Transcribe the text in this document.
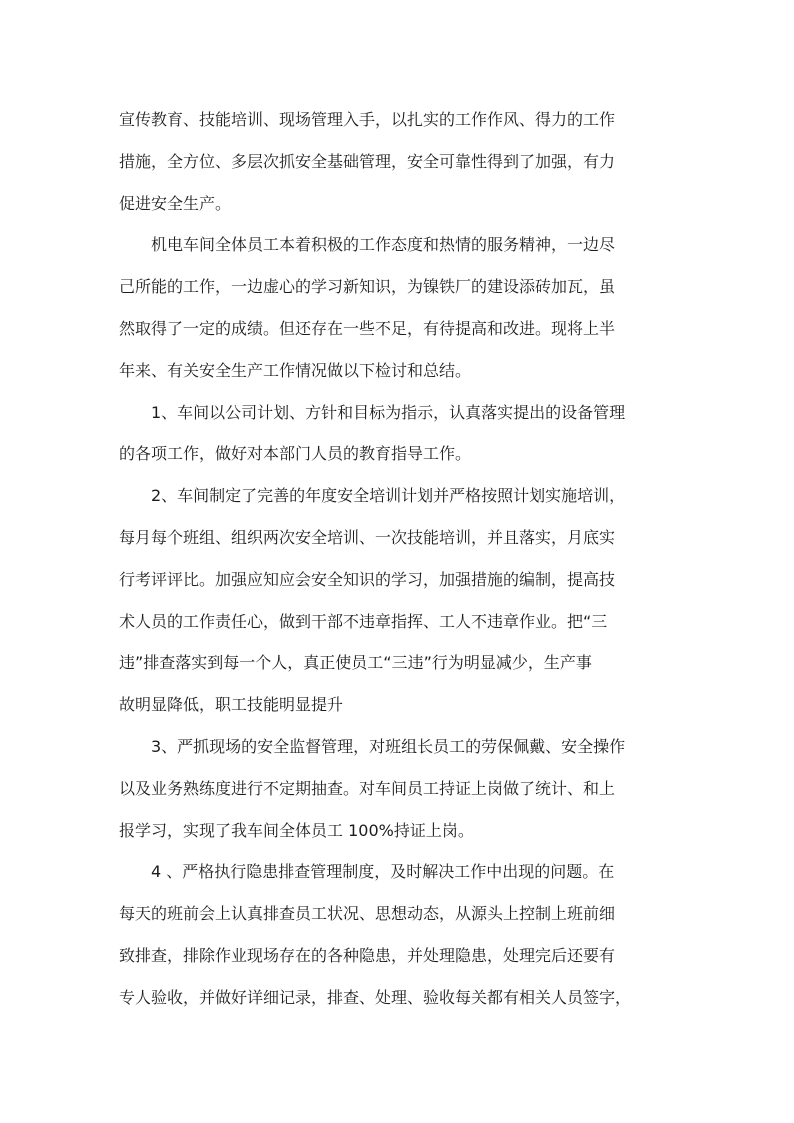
宣传教育、技能培训、现场管理入手，以扎实的工作作风、得力的工作
措施，全方位、多层次抓安全基础管理，安全可靠性得到了加强，有力
促进安全生产。
　　机电车间全体员工本着积极的工作态度和热情的服务精神，一边尽
己所能的工作，一边虚心的学习新知识，为镍铁厂的建设添砖加瓦，虽
然取得了一定的成绩。但还存在一些不足，有待提高和改进。现将上半
年来、有关安全生产工作情况做以下检讨和总结。
　　1、车间以公司计划、方针和目标为指示，认真落实提出的设备管理
的各项工作，做好对本部门人员的教育指导工作。
　　2、车间制定了完善的年度安全培训计划并严格按照计划实施培训，
每月每个班组、组织两次安全培训、一次技能培训，并且落实，月底实
行考评评比。加强应知应会安全知识的学习，加强措施的编制，提高技
术人员的工作责任心，做到干部不违章指挥、工人不违章作业。把“三
违”排查落实到每一个人，真正使员工“三违”行为明显减少，生产事
故明显降低，职工技能明显提升
　　3、严抓现场的安全监督管理，对班组长员工的劳保佩戴、安全操作
以及业务熟练度进行不定期抽查。对车间员工持证上岗做了统计、和上
报学习，实现了我车间全体员工 100%持证上岗。
　　4 、严格执行隐患排查管理制度，及时解决工作中出现的问题。在
每天的班前会上认真排查员工状况、思想动态，从源头上控制上班前细
致排查，排除作业现场存在的各种隐患，并处理隐患，处理完后还要有
专人验收，并做好详细记录，排查、处理、验收每关都有相关人员签字，
